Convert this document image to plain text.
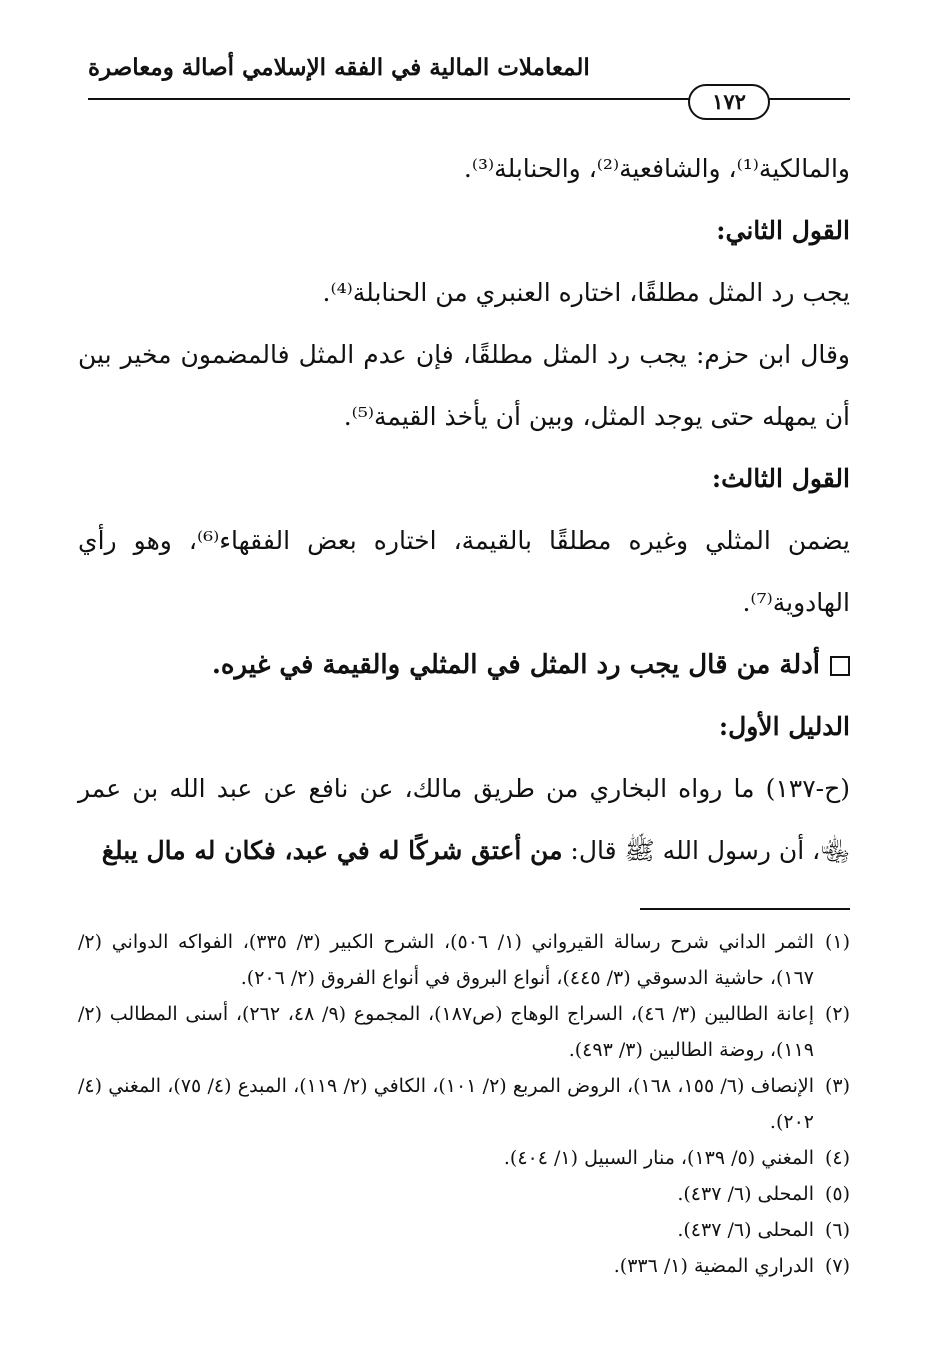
المعاملات المالية في الفقه الإسلامي أصالة ومعاصرة
١٧٢

والمالكية⁽¹⁾، والشافعية⁽²⁾، والحنابلة⁽³⁾.

القول الثاني:

يجب رد المثل مطلقًا، اختاره العنبري من الحنابلة⁽⁴⁾.

وقال ابن حزم: يجب رد المثل مطلقًا، فإن عدم المثل فالمضمون مخير بين أن يمهله حتى يوجد المثل، وبين أن يأخذ القيمة⁽⁵⁾.

القول الثالث:

يضمن المثلي وغيره مطلقًا بالقيمة، اختاره بعض الفقهاء⁽⁶⁾، وهو رأي الهادوية⁽⁷⁾.

أدلة من قال يجب رد المثل في المثلي والقيمة في غيره.

الدليل الأول:

(ح-١٣٧) ما رواه البخاري من طريق مالك، عن نافع عن عبد الله بن عمر ﵄، أن رسول الله ﷺ قال: من أعتق شركًا له في عبد، فكان له مال يبلغ

(١)
الثمر الداني شرح رسالة القيرواني (١/ ٥٠٦)، الشرح الكبير (٣/ ٣٣٥)، الفواكه الدواني (٢/ ١٦٧)، حاشية الدسوقي (٣/ ٤٤٥)، أنواع البروق في أنواع الفروق (٢/ ٢٠٦).

(٢)
إعانة الطالبين (٣/ ٤٦)، السراج الوهاج (ص١٨٧)، المجموع (٩/ ٤٨، ٢٦٢)، أسنى المطالب (٢/ ١١٩)، روضة الطالبين (٣/ ٤٩٣).

(٣)
الإنصاف (٦/ ١٥٥، ١٦٨)، الروض المربع (٢/ ١٠١)، الكافي (٢/ ١١٩)، المبدع (٤/ ٧٥)، المغني (٤/ ٢٠٢).

(٤)
المغني (٥/ ١٣٩)، منار السبيل (١/ ٤٠٤).

(٥)
المحلى (٦/ ٤٣٧).

(٦)
المحلى (٦/ ٤٣٧).

(٧)
الدراري المضية (١/ ٣٣٦).
